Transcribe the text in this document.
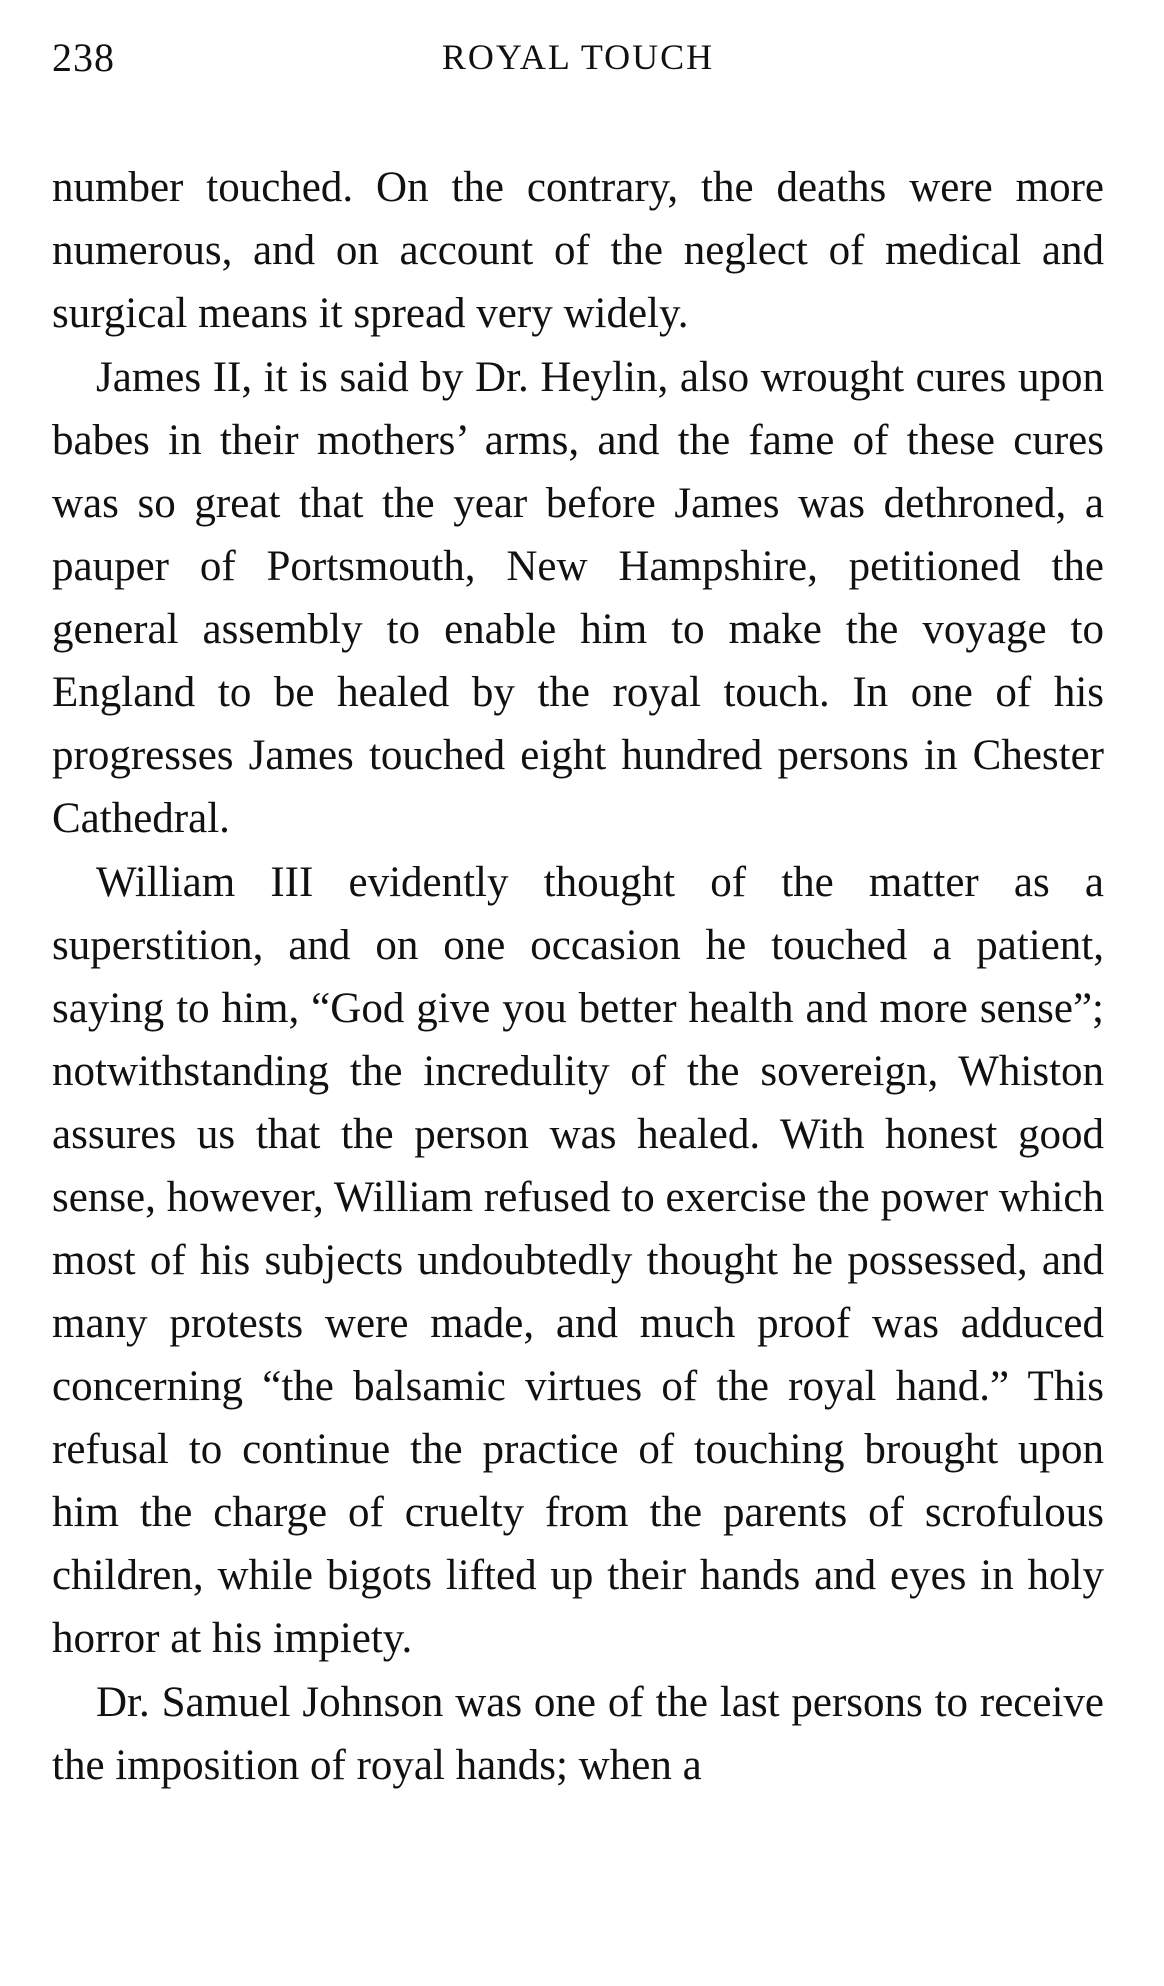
238	ROYAL TOUCH

number touched. On the contrary, the deaths were more numerous, and on account of the neglect of medical and surgical means it spread very widely.

James II, it is said by Dr. Heylin, also wrought cures upon babes in their mothers’ arms, and the fame of these cures was so great that the year before James was dethroned, a pauper of Portsmouth, New Hampshire, petitioned the general assembly to enable him to make the voyage to England to be healed by the royal touch. In one of his progresses James touched eight hundred persons in Chester Cathedral.

William III evidently thought of the matter as a superstition, and on one occasion he touched a patient, saying to him, “God give you better health and more sense”; notwithstanding the incredulity of the sovereign, Whiston assures us that the person was healed. With honest good sense, however, William refused to exercise the power which most of his subjects undoubtedly thought he possessed, and many protests were made, and much proof was adduced concerning “the balsamic virtues of the royal hand.” This refusal to continue the practice of touching brought upon him the charge of cruelty from the parents of scrofulous children, while bigots lifted up their hands and eyes in holy horror at his impiety.

Dr. Samuel Johnson was one of the last persons to receive the imposition of royal hands; when a
